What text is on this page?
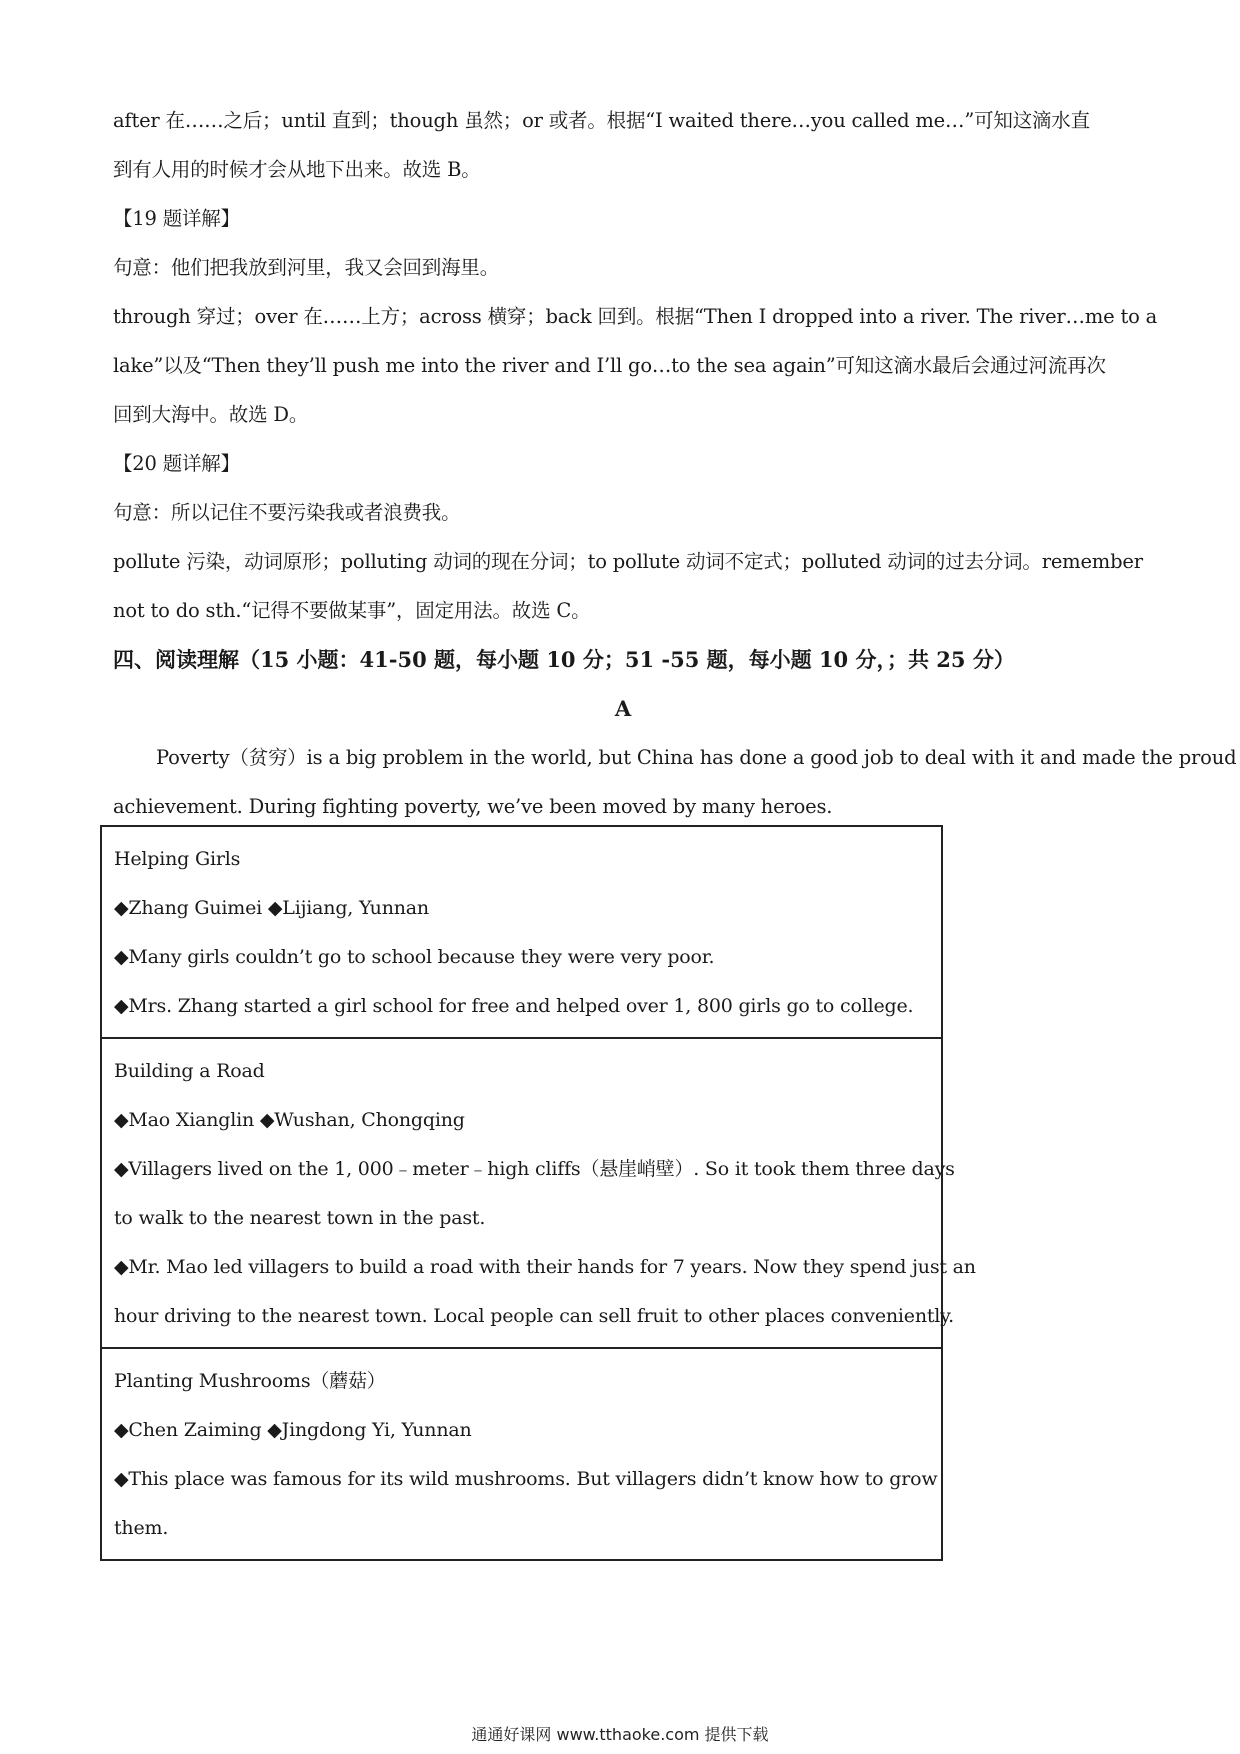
after 在……之后；until 直到；though 虽然；or 或者。根据“I waited there…you called me…”可知这滴水直

到有人用的时候才会从地下出来。故选 B。

【19 题详解】

句意：他们把我放到河里，我又会回到海里。

through 穿过；over 在……上方；across 横穿；back 回到。根据“Then I dropped into a river. The river…me to a

lake”以及“Then they’ll push me into the river and I’ll go…to the sea again”可知这滴水最后会通过河流再次

回到大海中。故选 D。

【20 题详解】

句意：所以记住不要污染我或者浪费我。

pollute 污染，动词原形；polluting 动词的现在分词；to pollute 动词不定式；polluted 动词的过去分词。remember

not to do sth.“记得不要做某事”，固定用法。故选 C。

四、阅读理解（15 小题：41-50 题，每小题 10 分；51 -55 题，每小题 10 分，；共 25 分）

A

Poverty（贫穷）is a big problem in the world, but China has done a good job to deal with it and made the proud

achievement. During fighting poverty, we’ve been moved by many heroes.

Helping Girls

◆Zhang Guimei ◆Lijiang, Yunnan

◆Many girls couldn’t go to school because they were very poor.

◆Mrs. Zhang started a girl school for free and helped over 1, 800 girls go to college.

Building a Road

◆Mao Xianglin ◆Wushan, Chongqing

◆Villagers lived on the 1, 000﹣meter﹣high cliffs（悬崖峭壁）. So it took them three days

to walk to the nearest town in the past.

◆Mr. Mao led villagers to build a road with their hands for 7 years. Now they spend just an

hour driving to the nearest town. Local people can sell fruit to other places conveniently.

Planting Mushrooms（蘑菇）

◆Chen Zaiming ◆Jingdong Yi, Yunnan

◆This place was famous for its wild mushrooms. But villagers didn’t know how to grow

them.

通通好课网 www.tthaoke.com 提供下载
